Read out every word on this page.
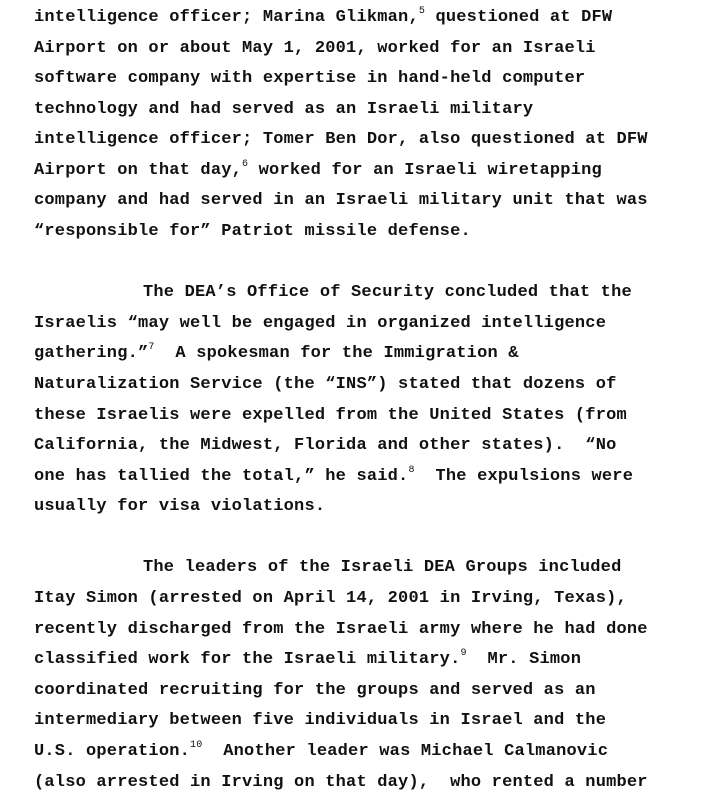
intelligence officer; Marina Glikman,$^5$ questioned at DFW
Airport on or about May 1, 2001, worked for an Israeli
software company with expertise in hand-held computer
technology and had served as an Israeli military
intelligence officer; Tomer Ben Dor, also questioned at DFW
Airport on that day,$^6$ worked for an Israeli wiretapping
company and had served in an Israeli military unit that was
“responsible for” Patriot missile defense.
The DEA’s Office of Security concluded that the
Israelis “may well be engaged in organized intelligence
gathering.”$^7$  A spokesman for the Immigration &
Naturalization Service (the “INS”) stated that dozens of
these Israelis were expelled from the United States (from
California, the Midwest, Florida and other states).  “No
one has tallied the total,” he said.$^8$  The expulsions were
usually for visa violations.
The leaders of the Israeli DEA Groups included
Itay Simon (arrested on April 14, 2001 in Irving, Texas),
recently discharged from the Israeli army where he had done
classified work for the Israeli military.$^9$  Mr. Simon
coordinated recruiting for the groups and served as an
intermediary between five individuals in Israel and the
U.S. operation.$^{10}$  Another leader was Michael Calmanovic
(also arrested in Irving on that day),  who rented a number
